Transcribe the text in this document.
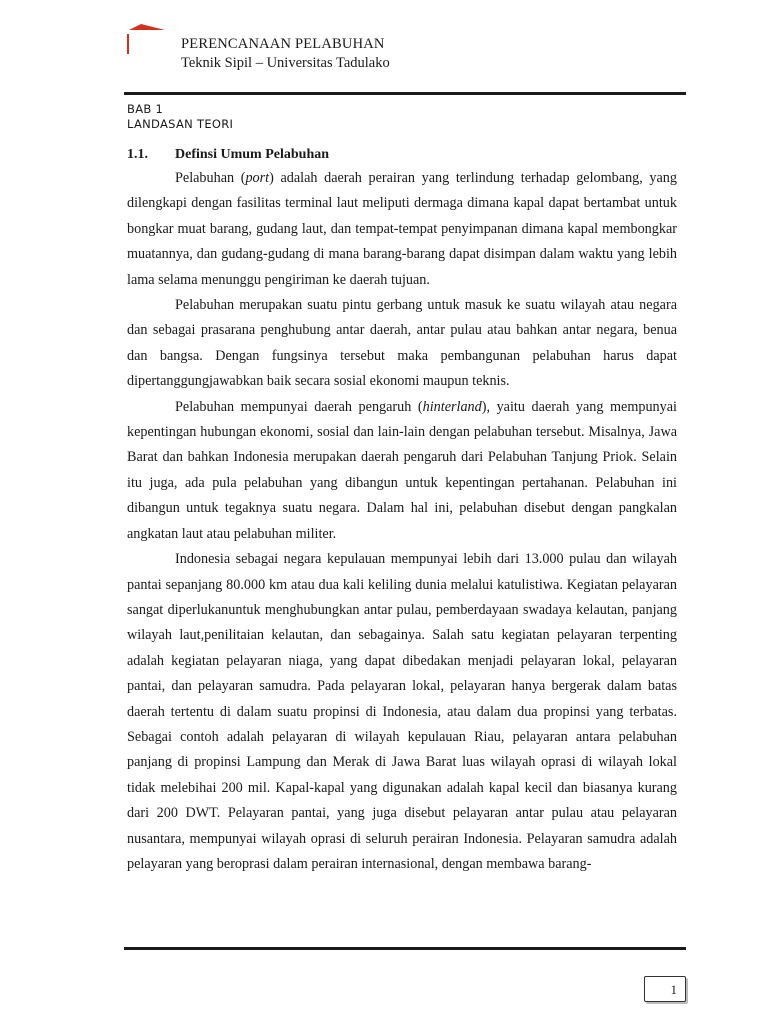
PERENCANAAN PELABUHAN
Teknik Sipil – Universitas Tadulako
BAB 1
LANDASAN TEORI
1.1. Definsi Umum Pelabuhan

Pelabuhan (port) adalah daerah perairan yang terlindung terhadap gelombang, yang dilengkapi dengan fasilitas terminal laut meliputi dermaga dimana kapal dapat bertambat untuk bongkar muat barang, gudang laut, dan tempat-tempat penyimpanan dimana kapal membongkar muatannya, dan gudang-gudang di mana barang-barang dapat disimpan dalam waktu yang lebih lama selama menunggu pengiriman ke daerah tujuan.

Pelabuhan merupakan suatu pintu gerbang untuk masuk ke suatu wilayah atau negara dan sebagai prasarana penghubung antar daerah, antar pulau atau bahkan antar negara, benua dan bangsa. Dengan fungsinya tersebut maka pembangunan pelabuhan harus dapat dipertanggungjawabkan baik secara sosial ekonomi maupun teknis.

Pelabuhan mempunyai daerah pengaruh (hinterland), yaitu daerah yang mempunyai kepentingan hubungan ekonomi, sosial dan lain-lain dengan pelabuhan tersebut. Misalnya, Jawa Barat dan bahkan Indonesia merupakan daerah pengaruh dari Pelabuhan Tanjung Priok. Selain itu juga, ada pula pelabuhan yang dibangun untuk kepentingan pertahanan. Pelabuhan ini dibangun untuk tegaknya suatu negara. Dalam hal ini, pelabuhan disebut dengan pangkalan angkatan laut atau pelabuhan militer.

Indonesia sebagai negara kepulauan mempunyai lebih dari 13.000 pulau dan wilayah pantai sepanjang 80.000 km atau dua kali keliling dunia melalui katulistiwa. Kegiatan pelayaran sangat diperlukanuntuk menghubungkan antar pulau, pemberdayaan swadaya kelautan, panjang wilayah laut,penilitaian kelautan, dan sebagainya. Salah satu kegiatan pelayaran terpenting adalah kegiatan pelayaran niaga, yang dapat dibedakan menjadi pelayaran lokal, pelayaran pantai, dan pelayaran samudra. Pada pelayaran lokal, pelayaran hanya bergerak dalam batas daerah tertentu di dalam suatu propinsi di Indonesia, atau dalam dua propinsi yang terbatas. Sebagai contoh adalah pelayaran di wilayah kepulauan Riau, pelayaran antara pelabuhan panjang di propinsi Lampung dan Merak di Jawa Barat luas wilayah oprasi di wilayah lokal tidak melebihai 200 mil. Kapal-kapal yang digunakan adalah kapal kecil dan biasanya kurang dari 200 DWT. Pelayaran pantai, yang juga disebut pelayaran antar pulau atau pelayaran nusantara, mempunyai wilayah oprasi di seluruh perairan Indonesia. Pelayaran samudra adalah pelayaran yang beroprasi dalam perairan internasional, dengan membawa barang-

1
